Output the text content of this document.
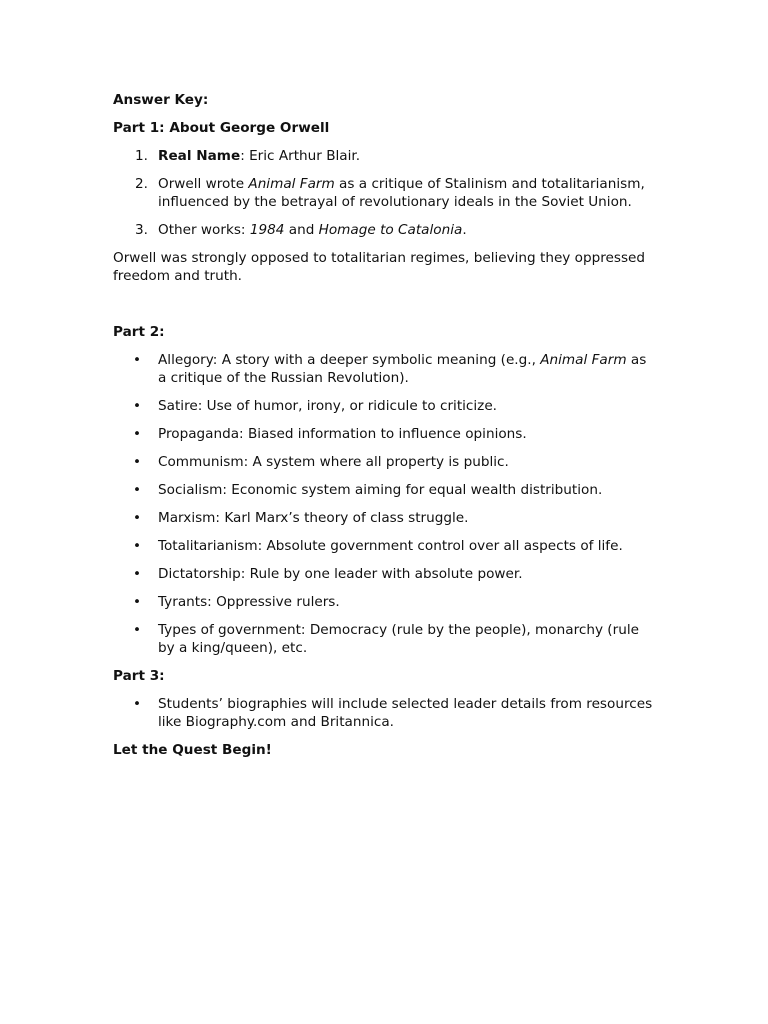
Answer Key:

Part 1: About George Orwell

1. Real Name: Eric Arthur Blair.
2. Orwell wrote Animal Farm as a critique of Stalinism and totalitarianism, influenced by the betrayal of revolutionary ideals in the Soviet Union.
3. Other works: 1984 and Homage to Catalonia.

Orwell was strongly opposed to totalitarian regimes, believing they oppressed freedom and truth.

Part 2:

• Allegory: A story with a deeper symbolic meaning (e.g., Animal Farm as a critique of the Russian Revolution).
• Satire: Use of humor, irony, or ridicule to criticize.
• Propaganda: Biased information to influence opinions.
• Communism: A system where all property is public.
• Socialism: Economic system aiming for equal wealth distribution.
• Marxism: Karl Marx’s theory of class struggle.
• Totalitarianism: Absolute government control over all aspects of life.
• Dictatorship: Rule by one leader with absolute power.
• Tyrants: Oppressive rulers.
• Types of government: Democracy (rule by the people), monarchy (rule by a king/queen), etc.

Part 3:

• Students’ biographies will include selected leader details from resources like Biography.com and Britannica.

Let the Quest Begin!
